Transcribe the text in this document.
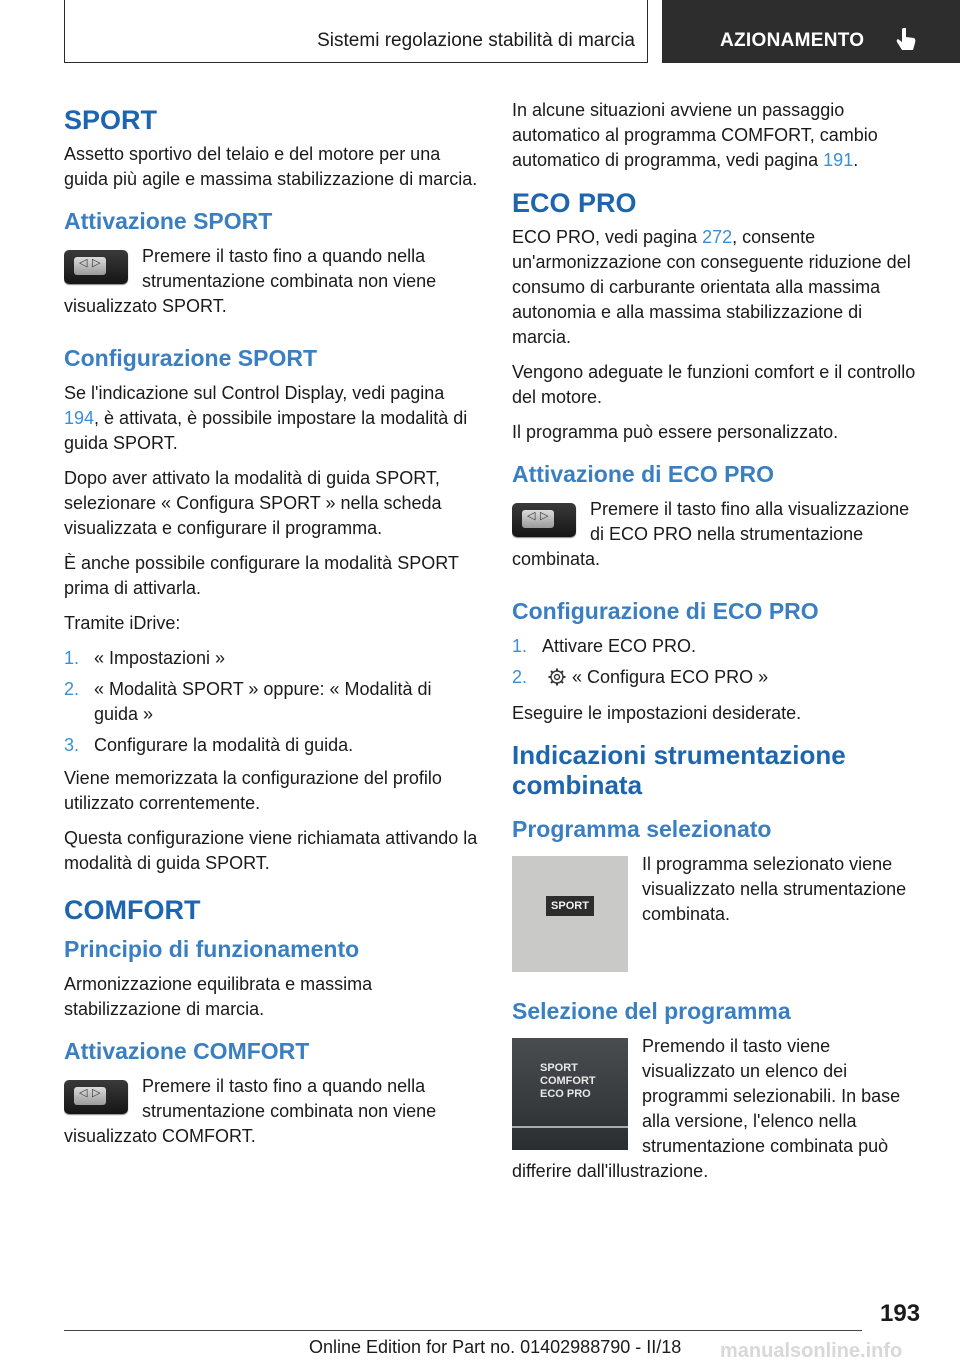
Sistemi regolazione stabilità di marcia	AZIONAMENTO
SPORT

Assetto sportivo del telaio e del motore per una guida più agile e massima stabilizzazione di marcia.

Attivazione SPORT
◁ ▷	Premere il tasto fino a quando nella strumentazione combinata non viene visualizzato SPORT.

Configurazione SPORT

Se l'indicazione sul Control Display, vedi pagina 194, è attivata, è possibile impostare la modalità di guida SPORT.

Dopo aver attivato la modalità di guida SPORT, selezionare « Configura SPORT » nella scheda visualizzata e configurare il programma.

È anche possibile configurare la modalità SPORT prima di attivarla.

Tramite iDrive:

1. « Impostazioni »
2. « Modalità SPORT » oppure: « Modalità di guida »
3. Configurare la modalità di guida.

Viene memorizzata la configurazione del profilo utilizzato correntemente.

Questa configurazione viene richiamata attivando la modalità di guida SPORT.

COMFORT
Principio di funzionamento

Armonizzazione equilibrata e massima stabilizzazione di marcia.

Attivazione COMFORT
◁ ▷	Premere il tasto fino a quando nella strumentazione combinata non viene visualizzato COMFORT.

In alcune situazioni avviene un passaggio automatico al programma COMFORT, cambio automatico di programma, vedi pagina 191.

ECO PRO

ECO PRO, vedi pagina 272, consente un'armonizzazione con conseguente riduzione del consumo di carburante orientata alla massima autonomia e alla massima stabilizzazione di marcia.

Vengono adeguate le funzioni comfort e il controllo del motore.

Il programma può essere personalizzato.

Attivazione di ECO PRO
◁ ▷	Premere il tasto fino alla visualizzazione di ECO PRO nella strumentazione combinata.

Configurazione di ECO PRO
1. Attivare ECO PRO.
2. « Configura ECO PRO »

Eseguire le impostazioni desiderate.

Indicazioni strumentazione combinata
Programma selezionato
SPORT

Il programma selezionato viene visualizzato nella strumentazione combinata.

Selezione del programma
SPORT
COMFORT
ECO PRO

Premendo il tasto viene visualizzato un elenco dei programmi selezionabili. In base alla versione, l'elenco nella strumentazione combinata può differire dall'illustrazione.

193
Online Edition for Part no. 01402988790 - II/18 manualsonline.info
